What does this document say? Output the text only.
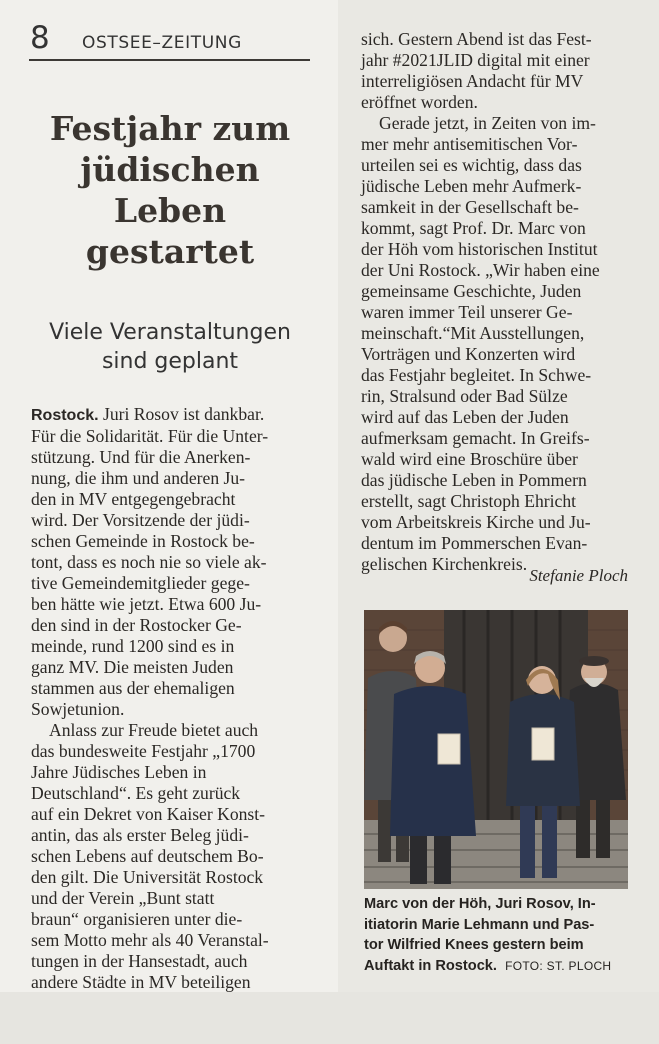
8 OSTSEE–ZEITUNG
Festjahr zum
jüdischen
Leben
gestartet
Viele Veranstaltungen
sind geplant

Rostock. Juri Rosov ist dankbar.
Für die Solidarität. Für die Unter-
stützung. Und für die Anerken-
nung, die ihm und anderen Ju-
den in MV entgegengebracht
wird. Der Vorsitzende der jüdi-
schen Gemeinde in Rostock be-
tont, dass es noch nie so viele ak-
tive Gemeindemitglieder gege-
ben hätte wie jetzt. Etwa 600 Ju-
den sind in der Rostocker Ge-
meinde, rund 1200 sind es in
ganz MV. Die meisten Juden
stammen aus der ehemaligen
Sowjetunion.

Anlass zur Freude bietet auch
das bundesweite Festjahr „1700
Jahre Jüdisches Leben in
Deutschland“. Es geht zurück
auf ein Dekret von Kaiser Konst-
antin, das als erster Beleg jüdi-
schen Lebens auf deutschem Bo-
den gilt. Die Universität Rostock
und der Verein „Bunt statt
braun“ organisieren unter die-
sem Motto mehr als 40 Veranstal-
tungen in der Hansestadt, auch
andere Städte in MV beteiligen

sich. Gestern Abend ist das Fest-
jahr #2021JLID digital mit einer
interreligiösen Andacht für MV
eröffnet worden.

Gerade jetzt, in Zeiten von im-
mer mehr antisemitischen Vor-
urteilen sei es wichtig, dass das
jüdische Leben mehr Aufmerk-
samkeit in der Gesellschaft be-
kommt, sagt Prof. Dr. Marc von
der Höh vom historischen Institut
der Uni Rostock. „Wir haben eine
gemeinsame Geschichte, Juden
waren immer Teil unserer Ge-
meinschaft.“Mit Ausstellungen,
Vorträgen und Konzerten wird
das Festjahr begleitet. In Schwe-
rin, Stralsund oder Bad Sülze
wird auf das Leben der Juden
aufmerksam gemacht. In Greifs-
wald wird eine Broschüre über
das jüdische Leben in Pommern
erstellt, sagt Christoph Ehricht
vom Arbeitskreis Kirche und Ju-
dentum im Pommerschen Evan-
gelischen Kirchenkreis.

Stefanie Ploch
Marc von der Höh, Juri Rosov, In-
itiatorin Marie Lehmann und Pas-
tor Wilfried Knees gestern beim
Auftakt in Rostock. FOTO: ST. PLOCH
